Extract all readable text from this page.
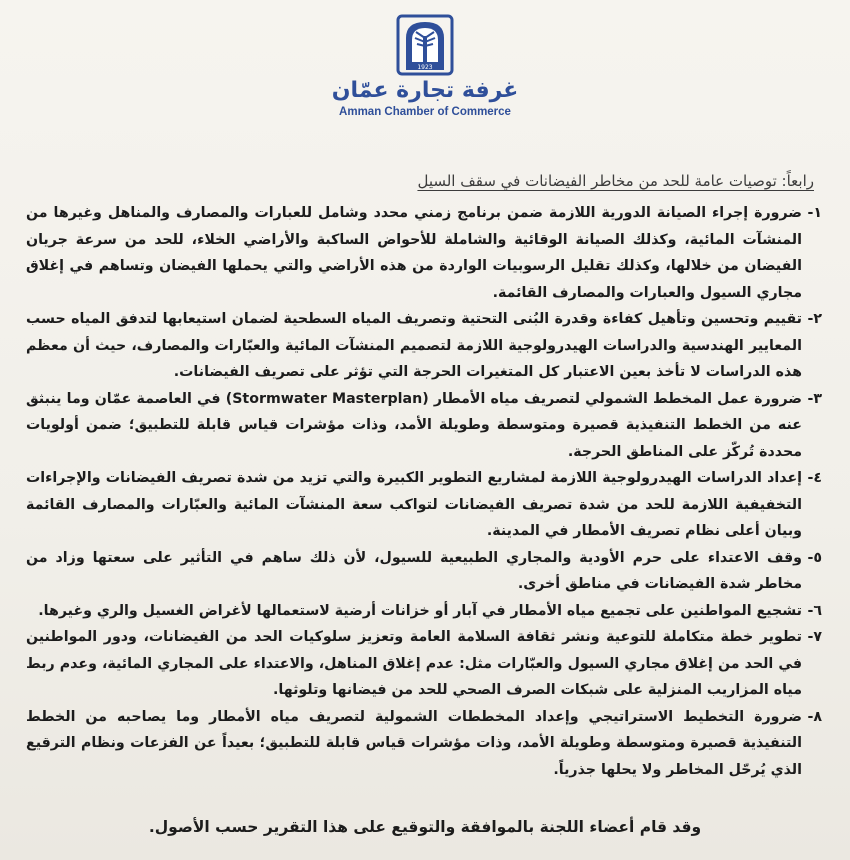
1923
غرفة تجارة عمّان
Amman Chamber of Commerce
رابعاً: توصيات عامة للحد من مخاطر الفيضانات في سقف السيل
١-
ضرورة إجراء الصيانة الدورية اللازمة ضمن برنامج زمني محدد وشامل للعبارات والمصارف والمناهل وغيرها من المنشآت المائية، وكذلك الصيانة الوقائية والشاملة للأحواض الساكبة والأراضي الخلاء، للحد من سرعة جريان الفيضان من خلالها، وكذلك تقليل الرسوبيات الواردة من هذه الأراضي والتي يحملها الفيضان وتساهم في إغلاق مجاري السيول والعبارات والمصارف القائمة.
٢-
تقييم وتحسين وتأهيل كفاءة وقدرة البُنى التحتية وتصريف المياه السطحية لضمان استيعابها لتدفق المياه حسب المعايير الهندسية والدراسات الهيدرولوجية اللازمة لتصميم المنشآت المائية والعبّارات والمصارف، حيث أن معظم هذه الدراسات لا تأخذ بعين الاعتبار كل المتغيرات الحرجة التي تؤثر على تصريف الفيضانات.
٣-
ضرورة عمل المخطط الشمولي لتصريف مياه الأمطار (Stormwater Masterplan) في العاصمة عمّان وما ينبثق عنه من الخطط التنفيذية قصيرة ومتوسطة وطويلة الأمد، وذات مؤشرات قياس قابلة للتطبيق؛ ضمن أولويات محددة تُركّز على المناطق الحرجة.
٤-
إعداد الدراسات الهيدرولوجية اللازمة لمشاريع التطوير الكبيرة والتي تزيد من شدة تصريف الفيضانات والإجراءات التخفيفية اللازمة للحد من شدة تصريف الفيضانات لتواكب سعة المنشآت المائية والعبّارات والمصارف القائمة وبيان أعلى نظام تصريف الأمطار في المدينة.
٥-
وقف الاعتداء على حرم الأودية والمجاري الطبيعية للسيول، لأن ذلك ساهم في التأثير على سعتها وزاد من مخاطر شدة الفيضانات في مناطق أخرى.
٦-
تشجيع المواطنين على تجميع مياه الأمطار في آبار أو خزانات أرضية لاستعمالها لأغراض الغسيل والري وغيرها.
٧-
تطوير خطة متكاملة للتوعية ونشر ثقافة السلامة العامة وتعزيز سلوكيات الحد من الفيضانات، ودور المواطنين في الحد من إغلاق مجاري السيول والعبّارات مثل: عدم إغلاق المناهل، والاعتداء على المجاري المائية، وعدم ربط مياه المزاريب المنزلية على شبكات الصرف الصحي للحد من فيضانها وتلوثها.
٨-
ضرورة التخطيط الاستراتيجي وإعداد المخططات الشمولية لتصريف مياه الأمطار وما يصاحبه من الخطط التنفيذية قصيرة ومتوسطة وطويلة الأمد، وذات مؤشرات قياس قابلة للتطبيق؛ بعيداً عن الفزعات ونظام الترقيع الذي يُرحّل المخاطر ولا يحلها جذرياً.
وقد قام أعضاء اللجنة بالموافقة والتوقيع على هذا التقرير حسب الأصول.
